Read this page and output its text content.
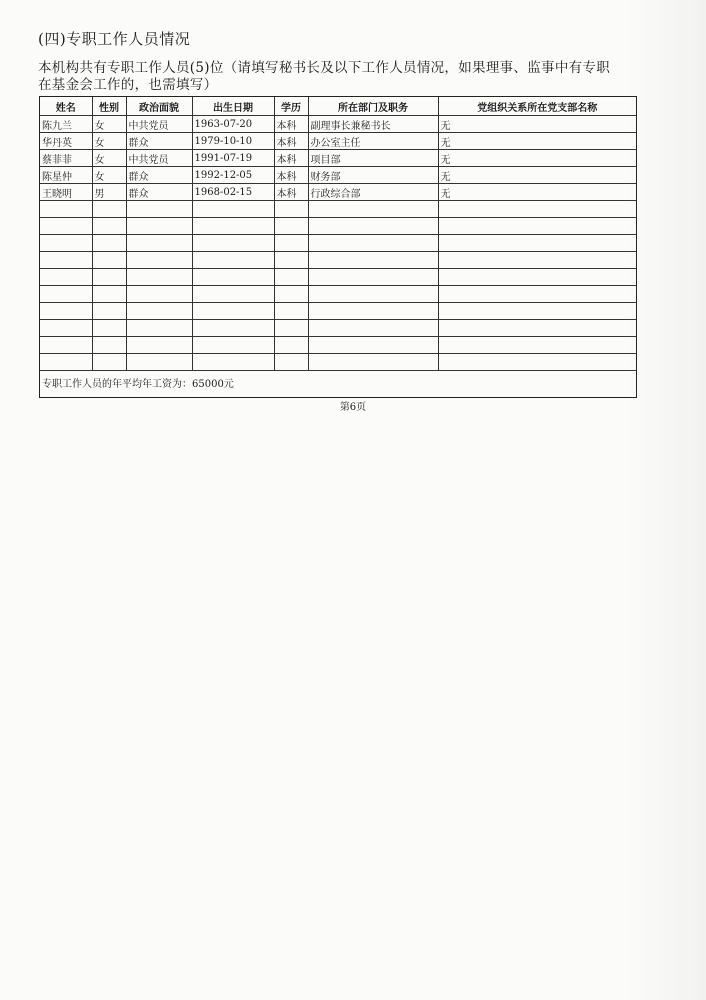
(四)专职工作人员情况
本机构共有专职工作人员(5)位（请填写秘书长及以下工作人员情况，如果理事、监事中有专职
在基金会工作的，也需填写）
姓名	性别	政治面貌	出生日期	学历	所在部门及职务	党组织关系所在党支部名称
陈九兰	女	中共党员	1963-07-20	本科	副理事长兼秘书长	无
华丹英	女	群众	1979-10-10	本科	办公室主任	无
蔡菲菲	女	中共党员	1991-07-19	本科	项目部	无
陈星仲	女	群众	1992-12-05	本科	财务部	无
王晓明	男	群众	1968-02-15	本科	行政综合部	无

专职工作人员的年平均年工资为：65000元						
第6页
